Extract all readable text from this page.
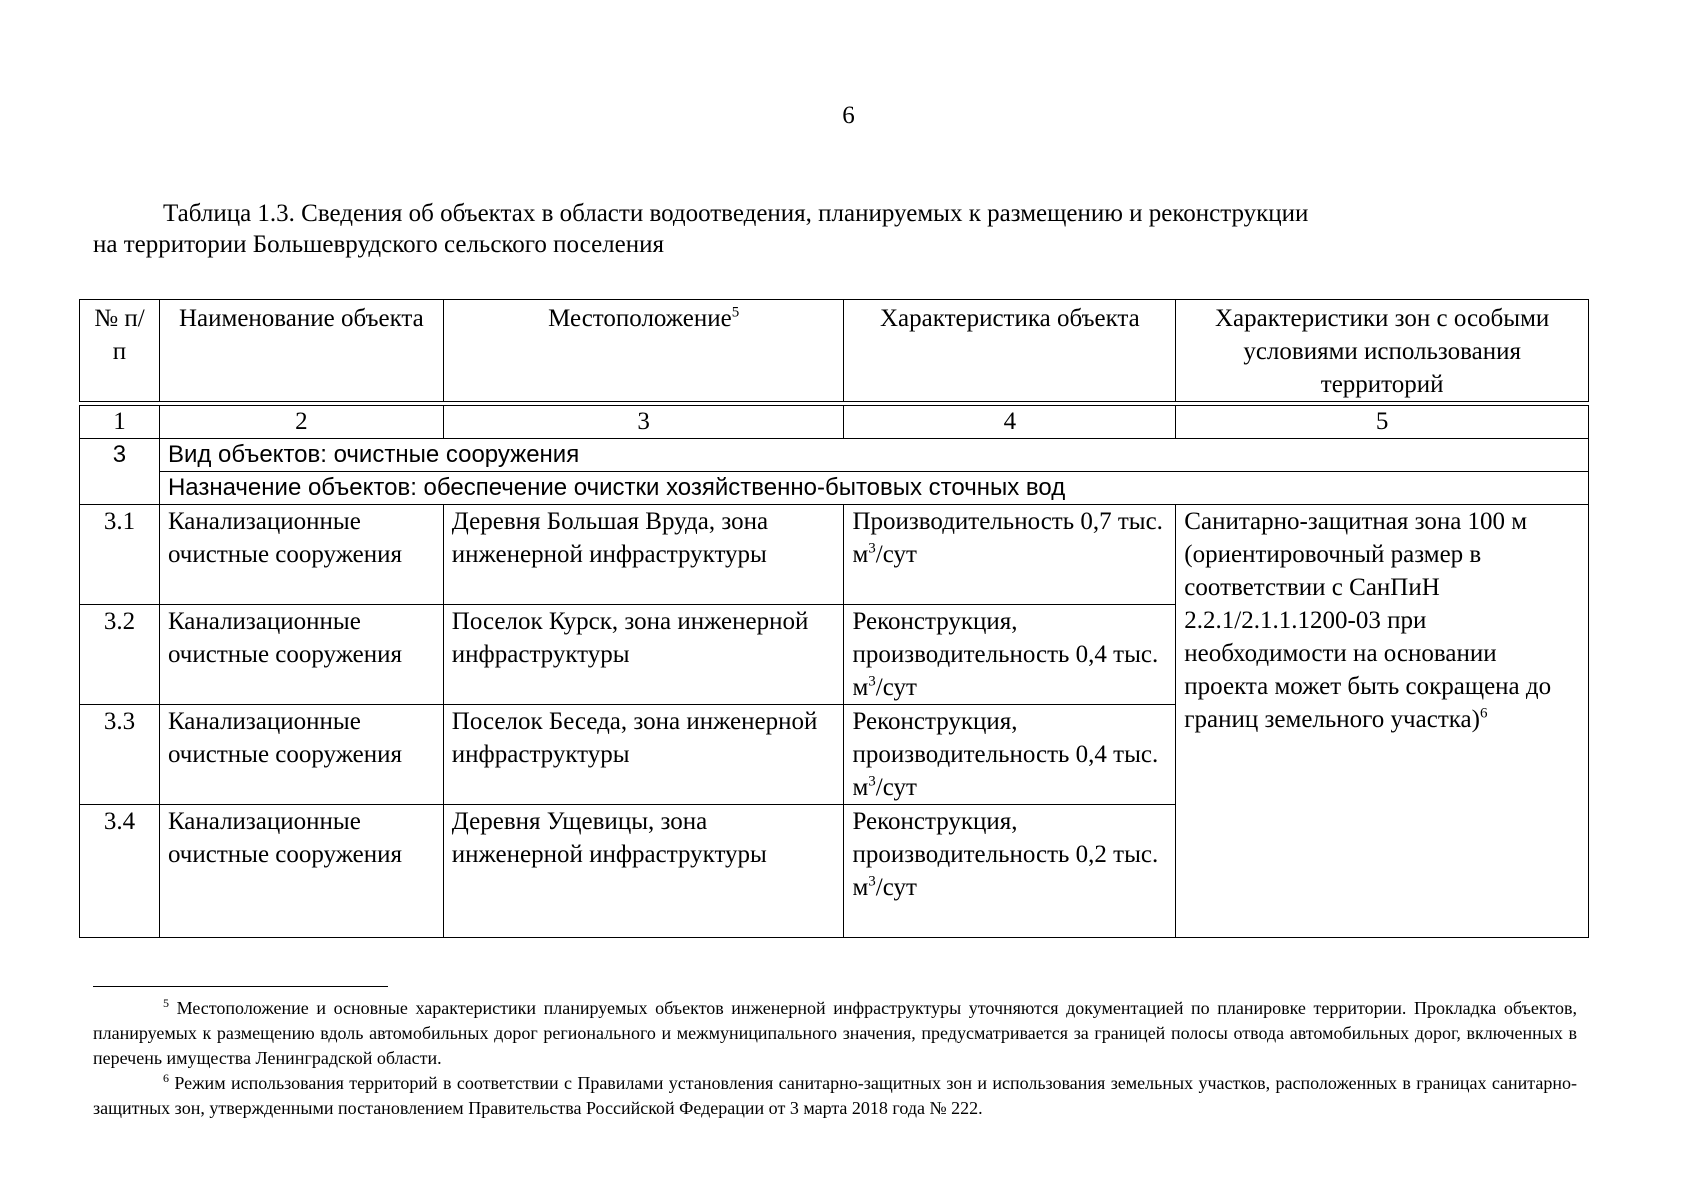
6
Таблица 1.3. Сведения об объектах в области водоотведения, планируемых к размещению и реконструкции
на территории Большеврудского сельского поселения
№ п/п	Наименование объекта	Местоположение$^5$	Характеристика объекта	Характеристики зон с особыми условиями использования территорий

1	2	3	4	5
3	Вид объектов: очистные сооружения			
	Назначение объектов: обеспечение очистки хозяйственно-бытовых сточных вод			
3.1	Канализационные очистные сооружения	Деревня Большая Вруда, зона инженерной инфраструктуры	Производительность 0,7 тыс. $м^3$/сут	Санитарно-защитная зона 100 м (ориентировочный размер в соответствии с СанПиН 2.2.1/2.1.1.1200-03 при необходимости на основании проекта может быть сокращена до границ земельного участка)$^6$
3.2	Канализационные очистные сооружения	Поселок Курск, зона инженерной инфраструктуры	Реконструкция, производительность 0,4 тыс. $м^3$/сут	
3.3	Канализационные очистные сооружения	Поселок Беседа, зона инженерной инфраструктуры	Реконструкция, производительность 0,4 тыс. $м^3$/сут	
3.4	Канализационные очистные сооружения	Деревня Ущевицы, зона инженерной инфраструктуры	Реконструкция, производительность 0,2 тыс. $м^3$/сут	

$^5$ Местоположение и основные характеристики планируемых объектов инженерной инфраструктуры уточняются документацией по планировке территории. Прокладка объектов, планируемых к размещению вдоль автомобильных дорог регионального и межмуниципального значения, предусматривается за границей полосы отвода автомобильных дорог, включенных в перечень имущества Ленинградской области.

$^6$ Режим использования территорий в соответствии с Правилами установления санитарно-защитных зон и использования земельных участков, расположенных в границах санитарно-защитных зон, утвержденными постановлением Правительства Российской Федерации от 3 марта 2018 года № 222.
